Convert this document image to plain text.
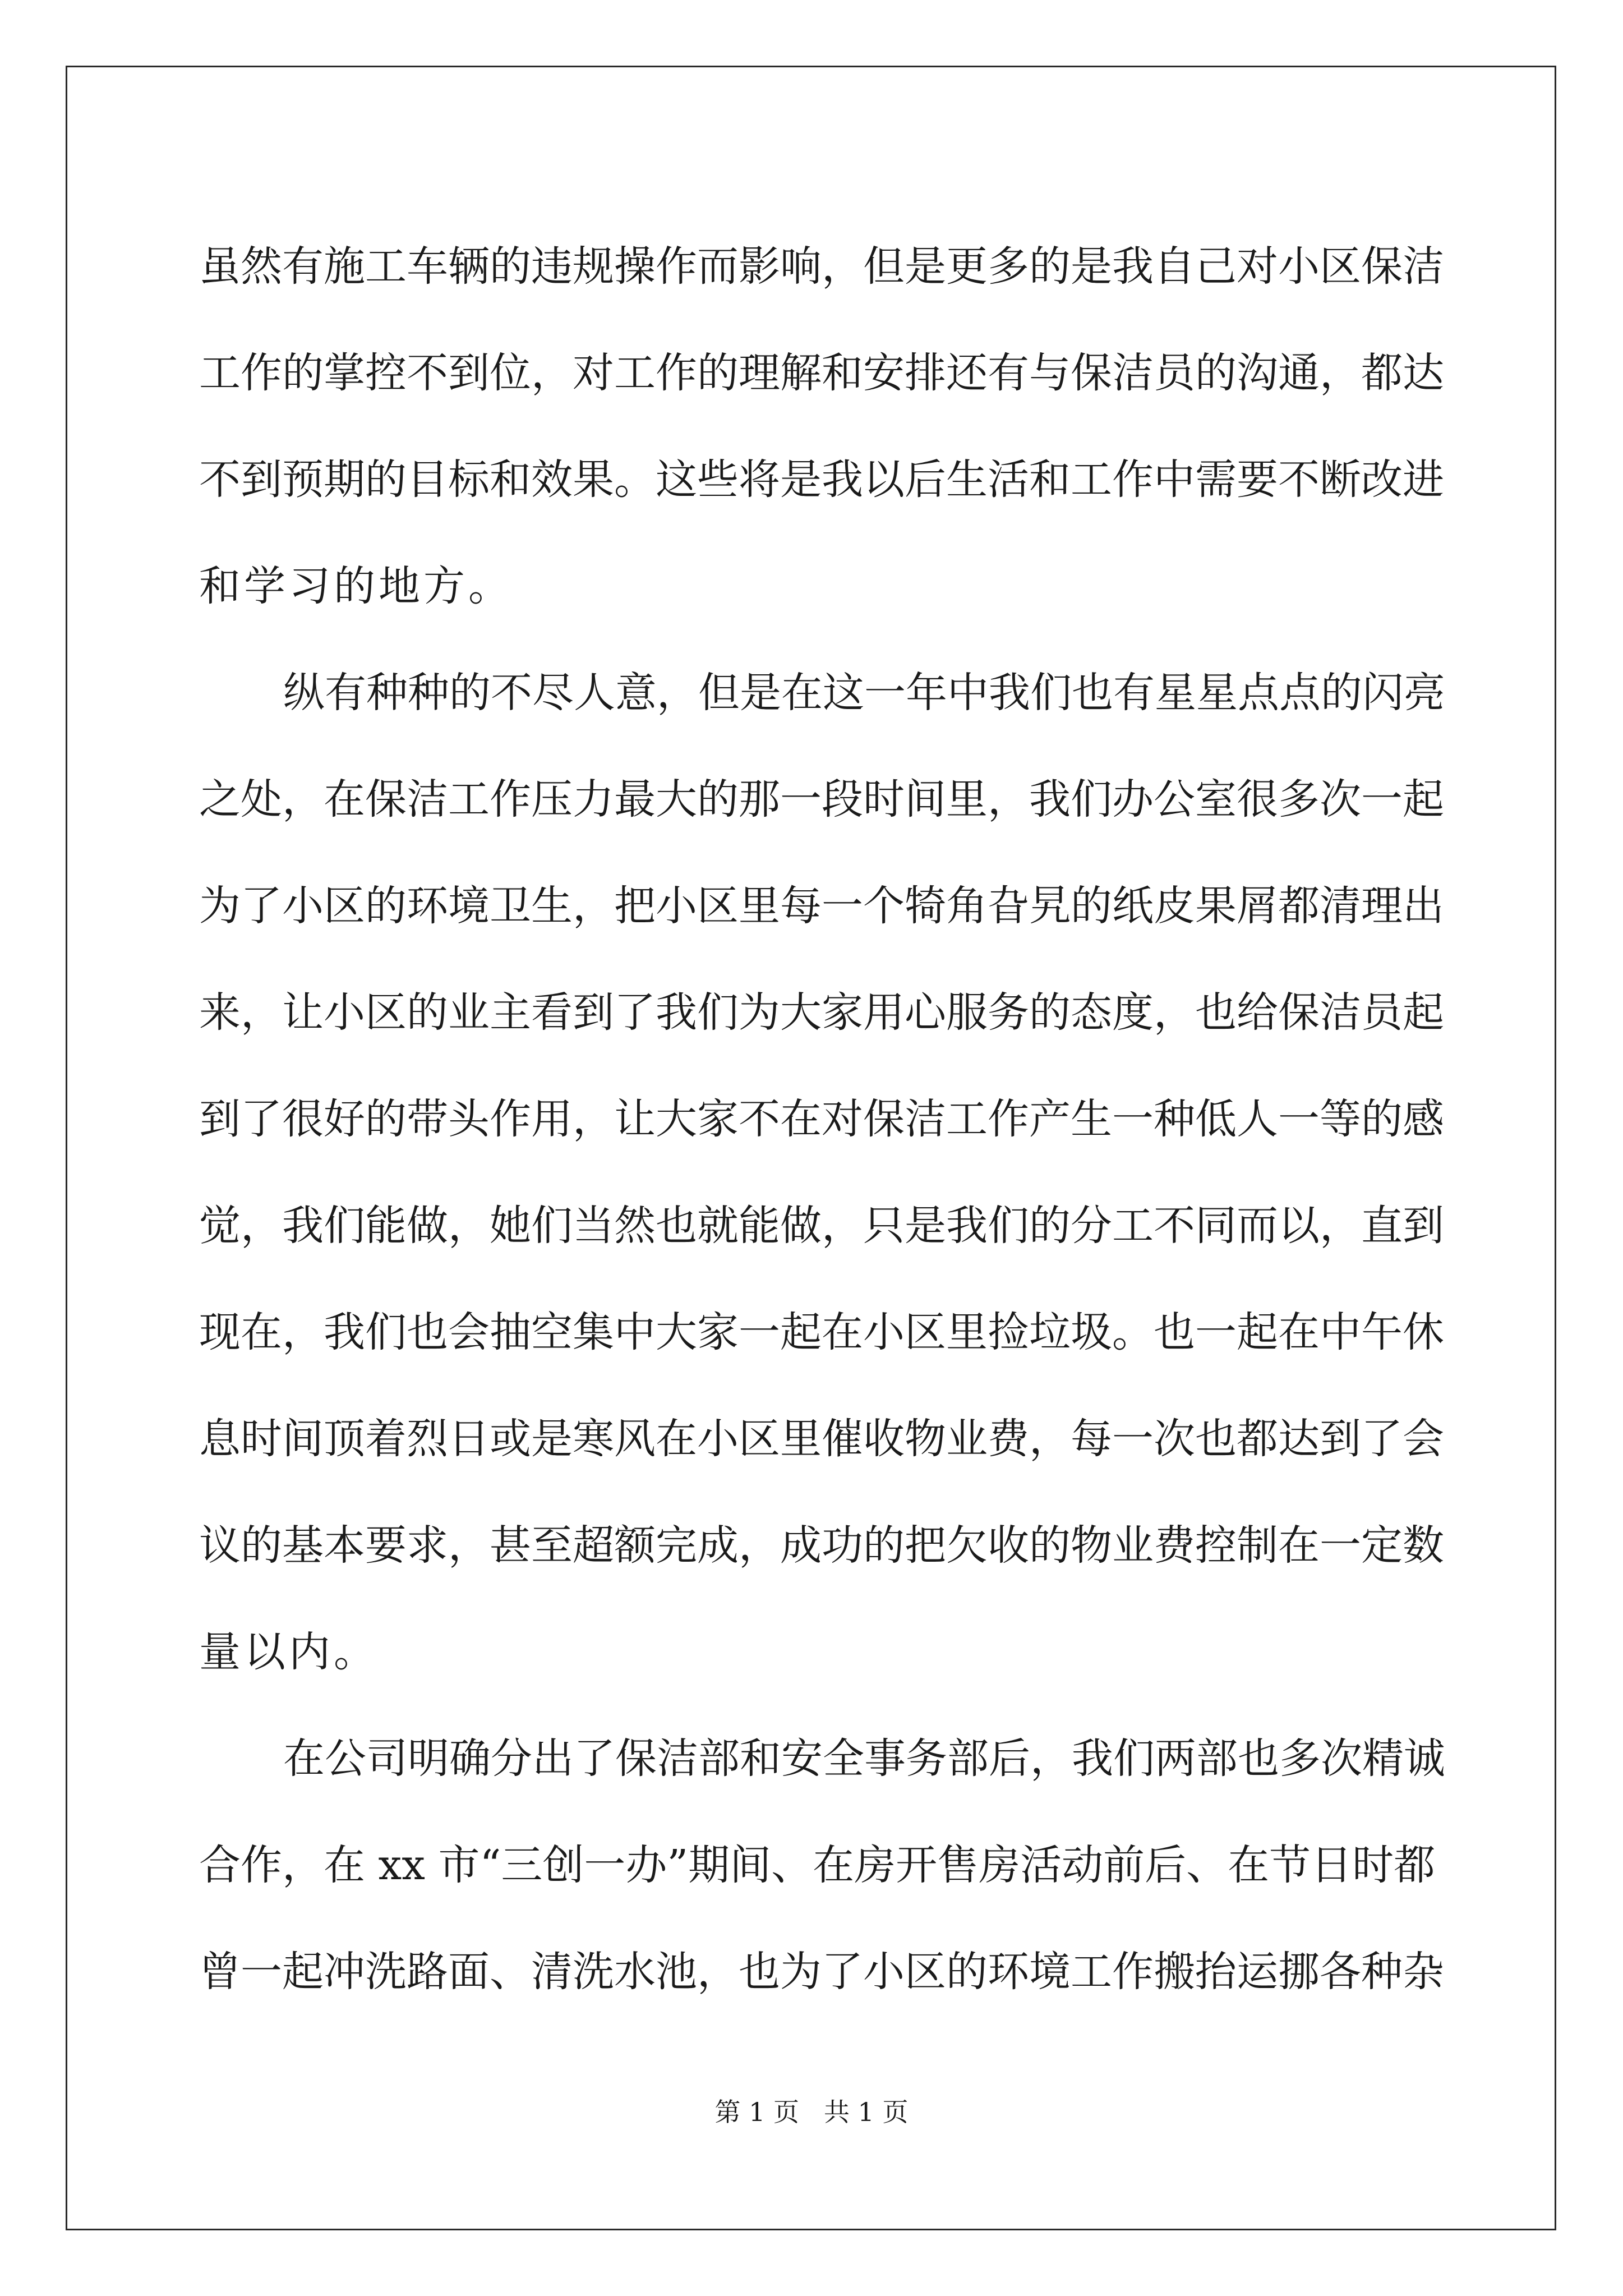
虽然有施工车辆的违规操作而影响，但是更多的是我自己对小区保洁
工作的掌控不到位，对工作的理解和安排还有与保洁员的沟通，都达
不到预期的目标和效果。这些将是我以后生活和工作中需要不断改进
和学习的地方。
纵有种种的不尽人意，但是在这一年中我们也有星星点点的闪亮
之处，在保洁工作压力最大的那一段时间里，我们办公室很多次一起
为了小区的环境卫生，把小区里每一个犄角旮旯的纸皮果屑都清理出
来，让小区的业主看到了我们为大家用心服务的态度，也给保洁员起
到了很好的带头作用，让大家不在对保洁工作产生一种低人一等的感
觉，我们能做，她们当然也就能做，只是我们的分工不同而以，直到
现在，我们也会抽空集中大家一起在小区里捡垃圾。也一起在中午休
息时间顶着烈日或是寒风在小区里催收物业费，每一次也都达到了会
议的基本要求，甚至超额完成，成功的把欠收的物业费控制在一定数
量以内。
在公司明确分出了保洁部和安全事务部后，我们两部也多次精诚
合作，在 xx 市“三创一办”期间、在房开售房活动前后、在节日时都
曾一起冲洗路面、清洗水池，也为了小区的环境工作搬抬运挪各种杂
第 1 页 共 1 页
